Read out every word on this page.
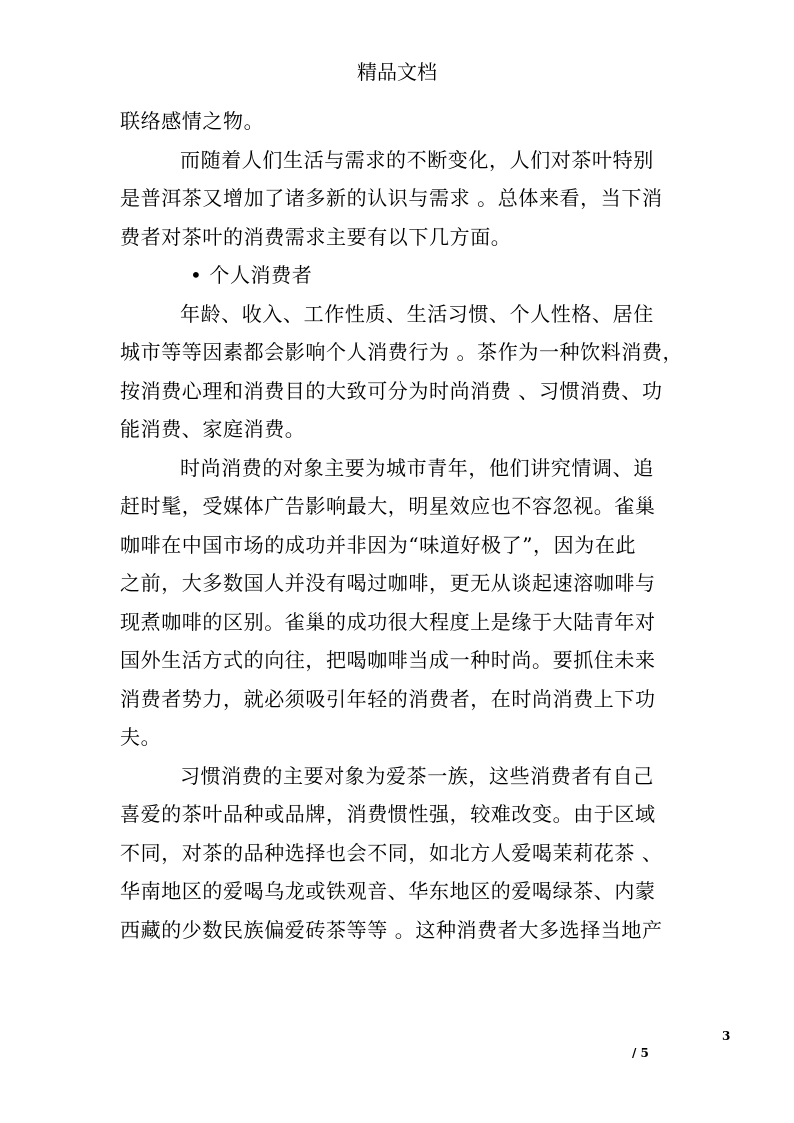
精品文档
联络感情之物。
而随着人们生活与需求的不断变化，人们对茶叶特别
是普洱茶又增加了诸多新的认识与需求 。总体来看，当下消
费者对茶叶的消费需求主要有以下几方面。
• 个人消费者
年龄、收入、工作性质、生活习惯、个人性格、居住
城市等等因素都会影响个人消费行为 。茶作为一种饮料消费，
按消费心理和消费目的大致可分为时尚消费 、习惯消费、功
能消费、家庭消费。
时尚消费的对象主要为城市青年，他们讲究情调、追
赶时髦，受媒体广告影响最大，明星效应也不容忽视。雀巢
咖啡在中国市场的成功并非因为“味道好极了”，因为在此
之前，大多数国人并没有喝过咖啡，更无从谈起速溶咖啡与
现煮咖啡的区别。雀巢的成功很大程度上是缘于大陆青年对
国外生活方式的向往，把喝咖啡当成一种时尚。要抓住未来
消费者势力，就必须吸引年轻的消费者，在时尚消费上下功
夫。
习惯消费的主要对象为爱茶一族，这些消费者有自己
喜爱的茶叶品种或品牌，消费惯性强，较难改变。由于区域
不同，对茶的品种选择也会不同，如北方人爱喝茉莉花茶 、
华南地区的爱喝乌龙或铁观音、华东地区的爱喝绿茶、内蒙
西藏的少数民族偏爱砖茶等等 。这种消费者大多选择当地产
3
/ 5
